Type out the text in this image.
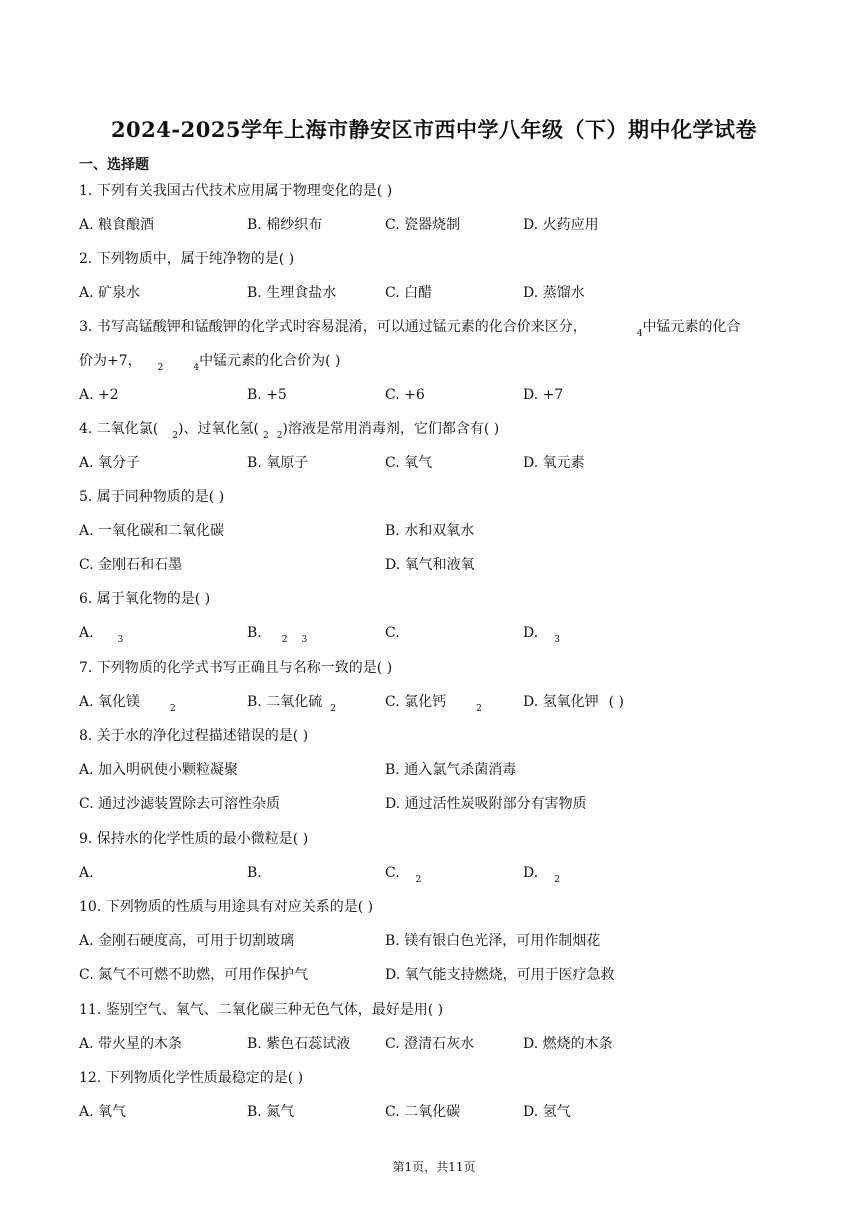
2024-2025学年上海市静安区市西中学八年级（下）期中化学试卷
一、选择题
1. 下列有关我国古代技术应用属于物理变化的是( )
A. 粮食酿酒	B. 棉纱织布	C. 瓷器烧制	D. 火药应用
2. 下列物质中，属于纯净物的是( )
A. 矿泉水	B. 生理食盐水	C. 白醋	D. 蒸馏水
3. 书写高锰酸钾和锰酸钾的化学式时容易混淆，可以通过锰元素的化合价来区分，	$_4$中锰元素的化合
价为+7， $_2$	$_4$中锰元素的化合价为( )
A. +2	B. +5	C. +6	D. +7
4. 二氧化氯( $_2$)、过氧化氢( $_2$ $_2$)溶液是常用消毒剂，它们都含有( )
A. 氧分子	B. 氧原子	C. 氧气	D. 氧元素
5. 属于同种物质的是( )
A. 一氧化碳和二氧化碳	B. 水和双氧水
C. 金刚石和石墨	D. 氧气和液氧
6. 属于氧化物的是( )
A.	$_3$	B. $_2$ $_3$	C.	D. $_3$
7. 下列物质的化学式书写正确且与名称一致的是( )
A. 氧化镁	$_2$	B. 二氧化硫 $_2$	C. 氯化钙	$_2$	D. 氢氧化钾 ( )
8. 关于水的净化过程描述错误的是( )
A. 加入明矾使小颗粒凝聚	B. 通入氯气杀菌消毒
C. 通过沙滤装置除去可溶性杂质	D. 通过活性炭吸附部分有害物质
9. 保持水的化学性质的最小微粒是( )
A.	B.	C. $_2$	D. $_2$
10. 下列物质的性质与用途具有对应关系的是( )
A. 金刚石硬度高，可用于切割玻璃	B. 镁有银白色光泽，可用作制烟花
C. 氮气不可燃不助燃，可用作保护气	D. 氧气能支持燃烧，可用于医疗急救
11. 鉴别空气、氧气、二氧化碳三种无色气体，最好是用( )
A. 带火星的木条	B. 紫色石蕊试液 C. 澄清石灰水	D. 燃烧的木条
12. 下列物质化学性质最稳定的是( )
A. 氧气	B. 氮气	C. 二氧化碳	D. 氢气
第1页，共11页
